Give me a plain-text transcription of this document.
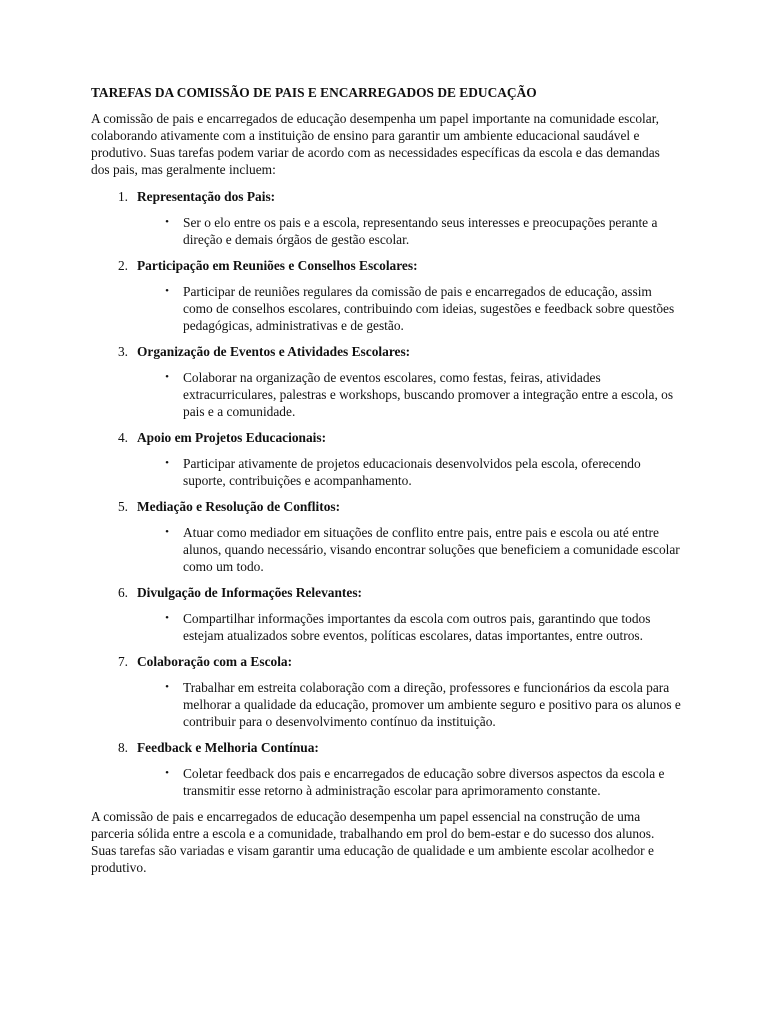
TAREFAS DA COMISSÃO DE PAIS E ENCARREGADOS DE EDUCAÇÃO

A comissão de pais e encarregados de educação desempenha um papel importante na comunidade escolar, colaborando ativamente com a instituição de ensino para garantir um ambiente educacional saudável e produtivo. Suas tarefas podem variar de acordo com as necessidades específicas da escola e das demandas dos pais, mas geralmente incluem:

1. Representação dos Pais:
•	Ser o elo entre os pais e a escola, representando seus interesses e preocupações perante a direção e demais órgãos de gestão escolar.
2. Participação em Reuniões e Conselhos Escolares:
•	Participar de reuniões regulares da comissão de pais e encarregados de educação, assim como de conselhos escolares, contribuindo com ideias, sugestões e feedback sobre questões pedagógicas, administrativas e de gestão.
3. Organização de Eventos e Atividades Escolares:
•	Colaborar na organização de eventos escolares, como festas, feiras, atividades extracurriculares, palestras e workshops, buscando promover a integração entre a escola, os pais e a comunidade.
4. Apoio em Projetos Educacionais:
•	Participar ativamente de projetos educacionais desenvolvidos pela escola, oferecendo suporte, contribuições e acompanhamento.
5. Mediação e Resolução de Conflitos:
•	Atuar como mediador em situações de conflito entre pais, entre pais e escola ou até entre alunos, quando necessário, visando encontrar soluções que beneficiem a comunidade escolar como um todo.
6. Divulgação de Informações Relevantes:
•	Compartilhar informações importantes da escola com outros pais, garantindo que todos estejam atualizados sobre eventos, políticas escolares, datas importantes, entre outros.
7. Colaboração com a Escola:
•	Trabalhar em estreita colaboração com a direção, professores e funcionários da escola para melhorar a qualidade da educação, promover um ambiente seguro e positivo para os alunos e contribuir para o desenvolvimento contínuo da instituição.
8. Feedback e Melhoria Contínua:
•	Coletar feedback dos pais e encarregados de educação sobre diversos aspectos da escola e transmitir esse retorno à administração escolar para aprimoramento constante.

A comissão de pais e encarregados de educação desempenha um papel essencial na construção de uma parceria sólida entre a escola e a comunidade, trabalhando em prol do bem-estar e do sucesso dos alunos. Suas tarefas são variadas e visam garantir uma educação de qualidade e um ambiente escolar acolhedor e produtivo.
